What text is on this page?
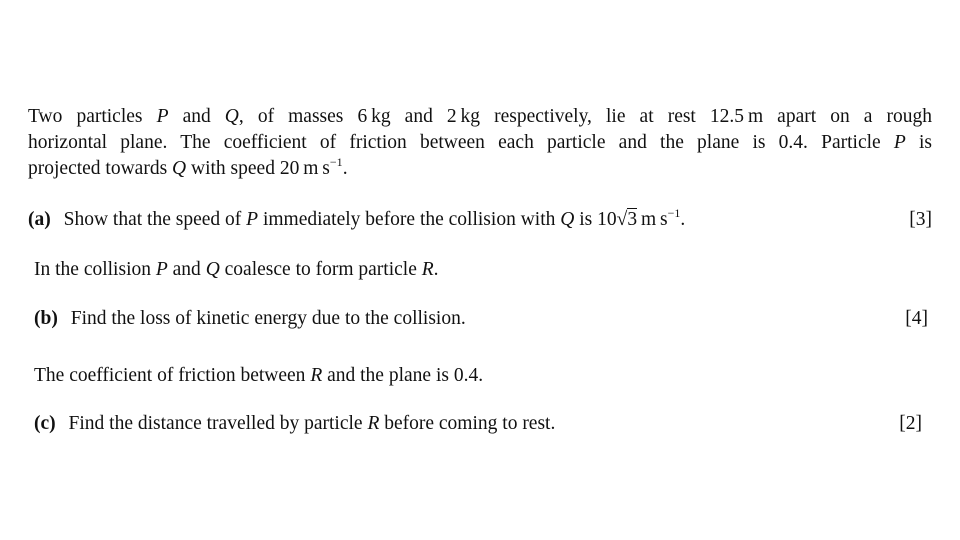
Two particles P and Q, of masses 6 kg and 2 kg respectively, lie at rest 12.5 m apart on a rough
horizontal plane. The coefficient of friction between each particle and the plane is 0.4. Particle P is
projected towards Q with speed 20 m $s^{-1}$.
(a) Show that the speed of P immediately before the collision with Q is 10√3 m $s^{-1}$.	[3]
In the collision P and Q coalesce to form particle R.
(b) Find the loss of kinetic energy due to the collision.	[4]
The coefficient of friction between R and the plane is 0.4.
(c) Find the distance travelled by particle R before coming to rest.	[2]
